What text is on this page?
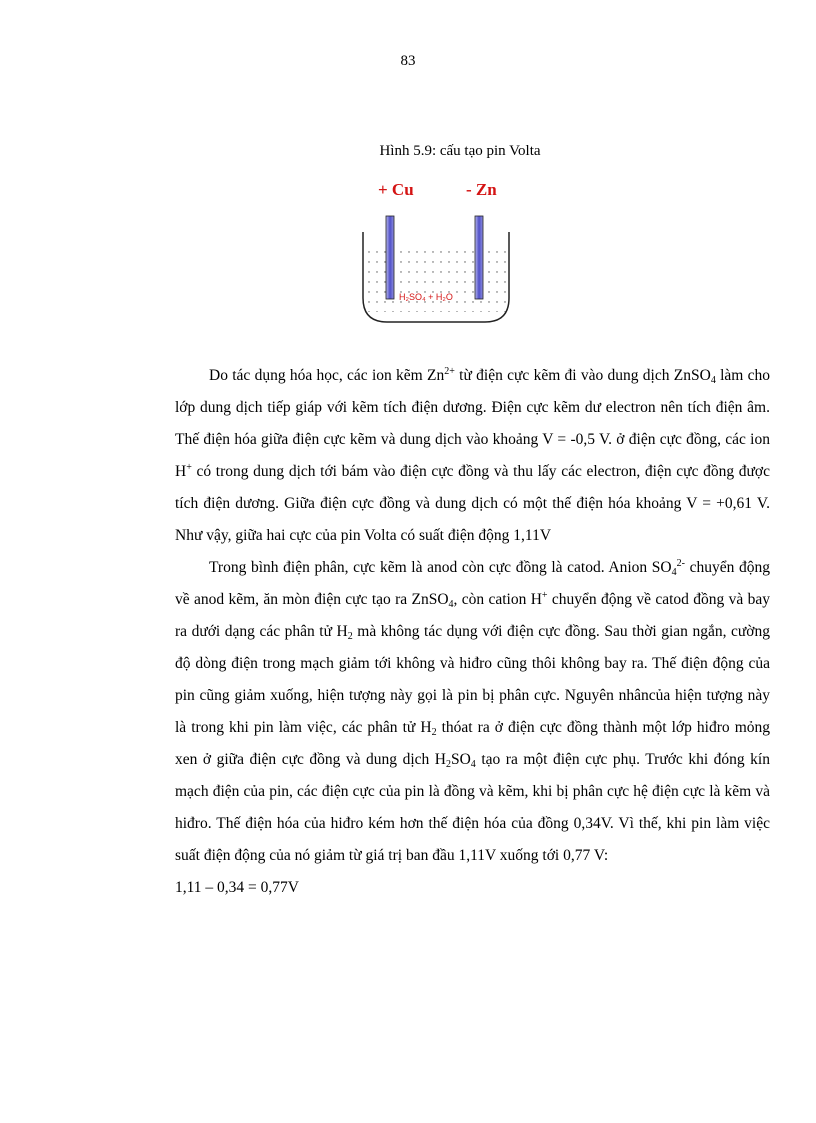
83
Hình 5.9: cấu tạo pin Volta
+ Cu	- Zn
H₂SO₄ + H₂O

Do tác dụng hóa học, các ion kẽm $Zn^{2+}$ từ điện cực kẽm đi vào dung dịch ZnSO$_4$ làm cho lớp dung dịch tiếp giáp với kẽm tích điện dương. Điện cực kẽm dư electron nên tích điện âm. Thế điện hóa giữa điện cực kẽm và dung dịch vào khoảng V = -0,5 V. ở điện cực đồng, các ion H+ có trong dung dịch tới bám vào điện cực đồng và thu lấy các electron, điện cực đồng được tích điện dương. Giữa điện cực đồng và dung dịch có một thế điện hóa khoảng V = +0,61 V. Như vậy, giữa hai cực của pin Volta có suất điện động 1,11V

Trong bình điện phân, cực kẽm là anod còn cực đồng là catod. Anion $SO_4^{2-}$ chuyển động về anod kẽm, ăn mòn điện cực tạo ra ZnSO$_4$, còn cation H+ chuyển động về catod đồng và bay ra dưới dạng các phân tử $H_2$ mà không tác dụng với điện cực đồng. Sau thời gian ngắn, cường độ dòng điện trong mạch giảm tới không và hiđro cũng thôi không bay ra. Thế điện động của pin cũng giảm xuống, hiện tượng này gọi là pin bị phân cực. Nguyên nhâncủa hiện tượng này là trong khi pin làm việc, các phân tử $H_2$ thóat ra ở điện cực đồng thành một lớp hiđro mỏng xen ở giữa điện cực đồng và dung dịch $H_2SO_4$ tạo ra một điện cực phụ. Trước khi đóng kín mạch điện của pin, các điện cực của pin là đồng và kẽm, khi bị phân cực hệ điện cực là kẽm và hiđro. Thế điện hóa của hiđro kém hơn thế điện hóa của đồng 0,34V. Vì thế, khi pin làm việc suất điện động của nó giảm từ giá trị ban đầu 1,11V xuống tới 0,77 V:

1,11 – 0,34 = 0,77V
